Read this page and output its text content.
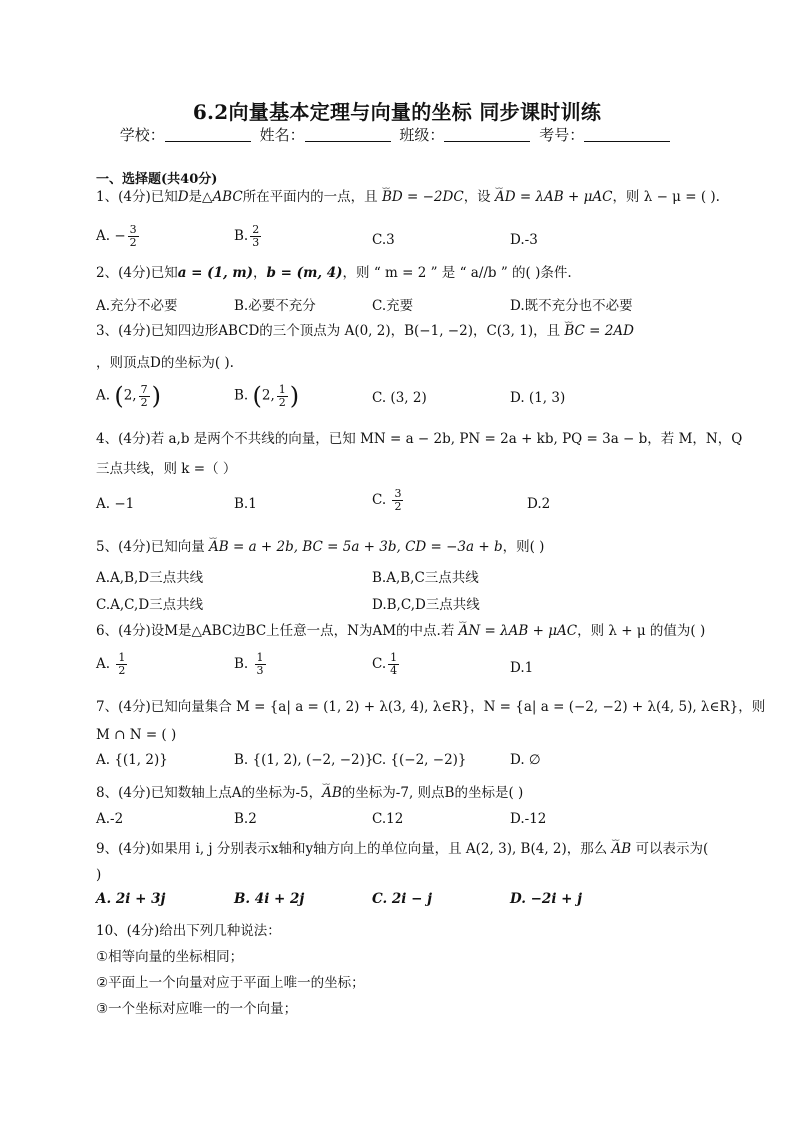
6.2向量基本定理与向量的坐标 同步课时训练
学校：	姓名：	班级：	考号：
一、选择题(共40分)
1、(4分)已知D是△ABC所在平面内的一点，且 ⌣⌣ BD = −2DC，设 ⌣⌣ AD = λAB + μAC，则 λ − μ = ( ).
A. − $\frac{3}{2}$	B. $\frac{2}{3}$	C.3	D.-3
2、(4分)已知a = (1, m)，b = (m, 4)，则 “ m = 2 ” 是 “ a//b ” 的( )条件.
A.充分不必要	B.必要不充分	C.充要	D.既不充分也不必要
3、(4分)已知四边形ABCD的三个顶点为 A(0, 2)，B(−1, −2)，C(3, 1)，且 ⌣⌣ BC = 2AD
，则顶点D的坐标为( ).
A. (2, $\frac{7}{2}$ )	B. (2, $\frac{1}{2}$ )	C. (3, 2)	D. (1, 3)
4、(4分)若 a,b 是两个不共线的向量，已知 MN = a − 2b, PN = 2a + kb, PQ = 3a − b，若 M，N，Q
三点共线，则 k =（ ）
A. −1	B.1	C. $\frac{3}{2}$	D.2
5、(4分)已知向量 ⌣⌣ AB = a + 2b, BC = 5a + 3b, CD = −3a + b，则( )
A.A,B,D三点共线	B.A,B,C三点共线
C.A,C,D三点共线	D.B,C,D三点共线
6、(4分)设M是△ABC边BC上任意一点，N为AM的中点.若 ⌣⌣ AN = λAB + μAC，则 λ + μ 的值为( )
A. $\frac{1}{2}$	B. $\frac{1}{3}$	C. $\frac{1}{4}$	D.1
7、(4分)已知向量集合 M = {a| a = (1, 2) + λ(3, 4), λ∈R}，N = {a| a = (−2, −2) + λ(4, 5), λ∈R}，则
M ∩ N = ( )
A. {(1, 2)}	B. {(1, 2), (−2, −2)}
C. {(−2, −2)}	D. ∅
8、(4分)已知数轴上点A的坐标为-5，⌣⌣ AB的坐标为-7, 则点B的坐标是( )
A.-2	B.2	C.12	D.-12
9、(4分)如果用 i, j 分别表示x轴和y轴方向上的单位向量，且 A(2, 3), B(4, 2)，那么 ⌣⌣ AB 可以表示为(
)
A. 2i + 3j	B. 4i + 2j	C. 2i − j	D. −2i + j
10、(4分)给出下列几种说法：
①相等向量的坐标相同；
②平面上一个向量对应于平面上唯一的坐标；
③一个坐标对应唯一的一个向量；
